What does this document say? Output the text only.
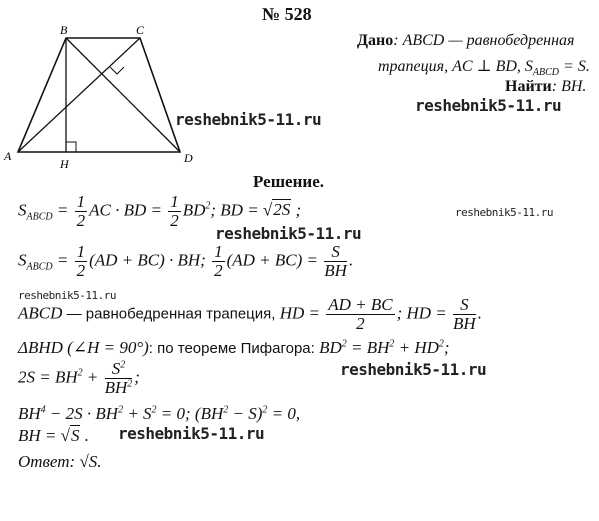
№ 528
B	C
A	D
H
Дано: ABCD — равнобедренная
трапеция, AC ⊥ BD, $S_{ABCD} = S$.
Найти: BH.
reshebnik5-11.ru
reshebnik5-11.ru
reshebnik5-11.ru
reshebnik5-11.ru
reshebnik5-11.ru
reshebnik5-11.ru
reshebnik5-11.ru
Решение.
$S_{ABCD} = \frac{1}{2}$ AC · BD = $\frac{1}{2} BD^2$; BD = √2S ;
$S_{ABCD} = \frac{1}{2} (AD + BC)$ · BH; $\frac{1}{2} (AD + BC) = \frac{S}{BH}$ .
ABCD — равнобедренная трапеция, HD = $\frac{AD + BC}{2}$ ; HD = $\frac{S}{BH}$ .
ΔBHD (∠H = 90°): по теореме Пифагора: $BD^2 = BH^2 + HD^2$;
$2S = BH^2 + \frac{S^2}{BH^2}$ ;
$BH^4 - 2S \cdot BH^2 + S^2 = 0$; $(BH^2 - S)^2 = 0$,
BH = √S .
Ответ: √S.
